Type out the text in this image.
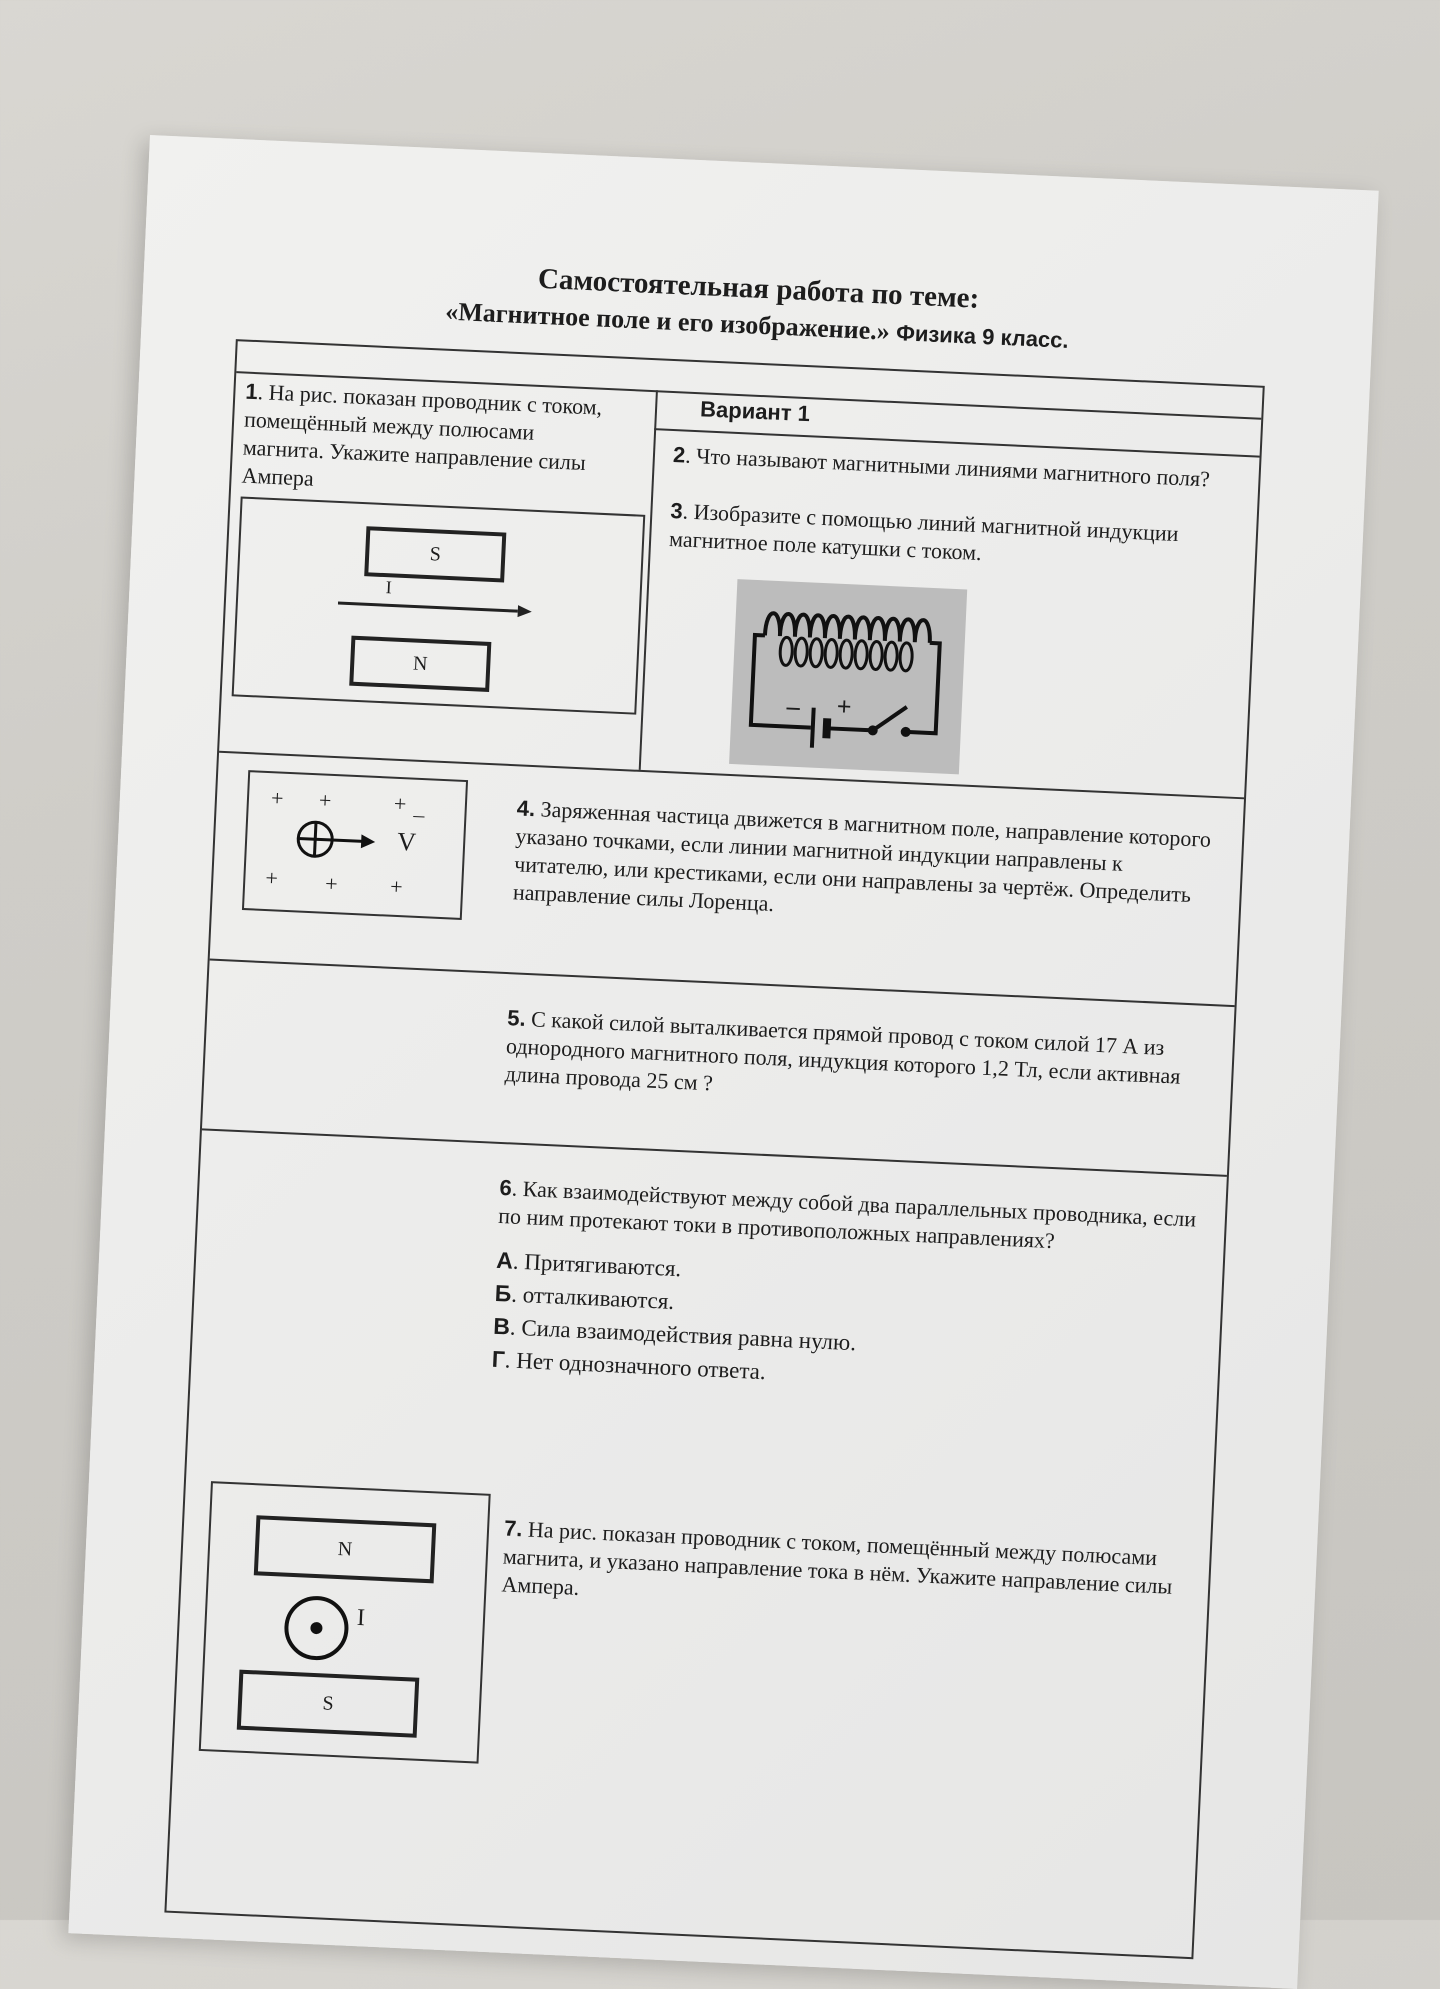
Самостоятельная работа по теме:
«Магнитное поле и его изображение.» Физика 9 класс.
Вариант 1
1. На рис. показан проводник с током, помещённый между полюсами магнита. Укажите направление силы Ампера
S
I
N
2. Что называют магнитными линиями магнитного поля?
3. Изобразите с помощью линий магнитной индукции магнитное поле катушки с током.
– +
+ +	+ –
V
+ + +
4. Заряженная частица движется в магнитном поле, направление которого указано точками, если линии магнитной индукции направлены к читателю, или крестиками, если они направлены за чертёж. Определить направление силы Лоренца.
5. С какой силой выталкивается прямой провод с током силой 17 А из однородного магнитного поля, индукция которого 1,2 Тл, если активная длина провода 25 см ?
6. Как взаимодействуют между собой два параллельных проводника, если по ним протекают токи в противоположных направлениях?
А. Притягиваются.
Б. отталкиваются.
В. Сила взаимодействия равна нулю.
Г. Нет однозначного ответа.
N
I
S
7. На рис. показан проводник с током, помещённый между полюсами магнита, и указано направление тока в нём. Укажите направление силы Ампера.
